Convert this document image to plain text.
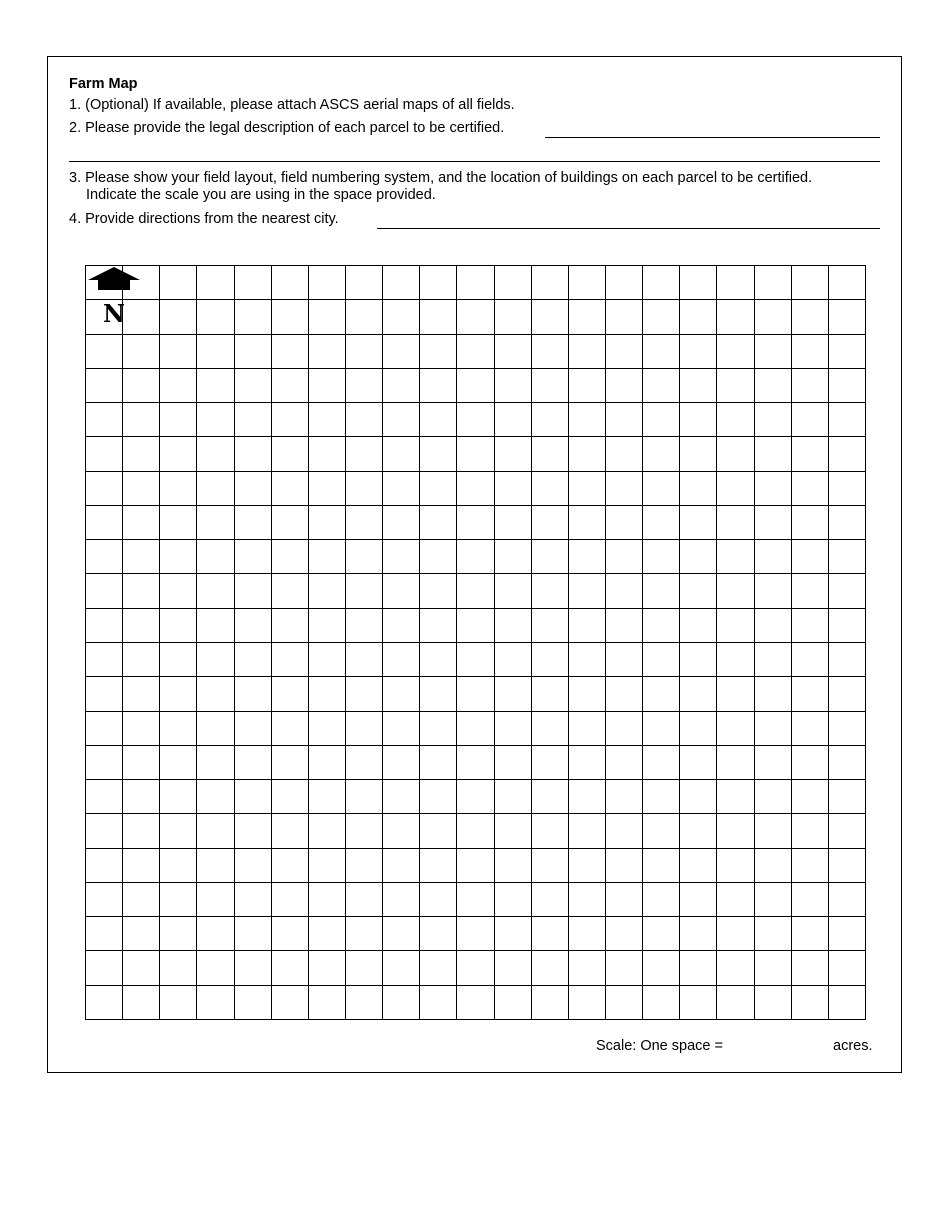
Farm Map
1. (Optional) If available, please attach ASCS aerial maps of all fields.
2. Please provide the legal description of each parcel to be certified.
3. Please show your field layout, field numbering system, and the location of buildings on each parcel to be certified.
Indicate the scale you are using in the space provided.
4. Provide directions from the nearest city.
N
Scale: One space =	acres.
